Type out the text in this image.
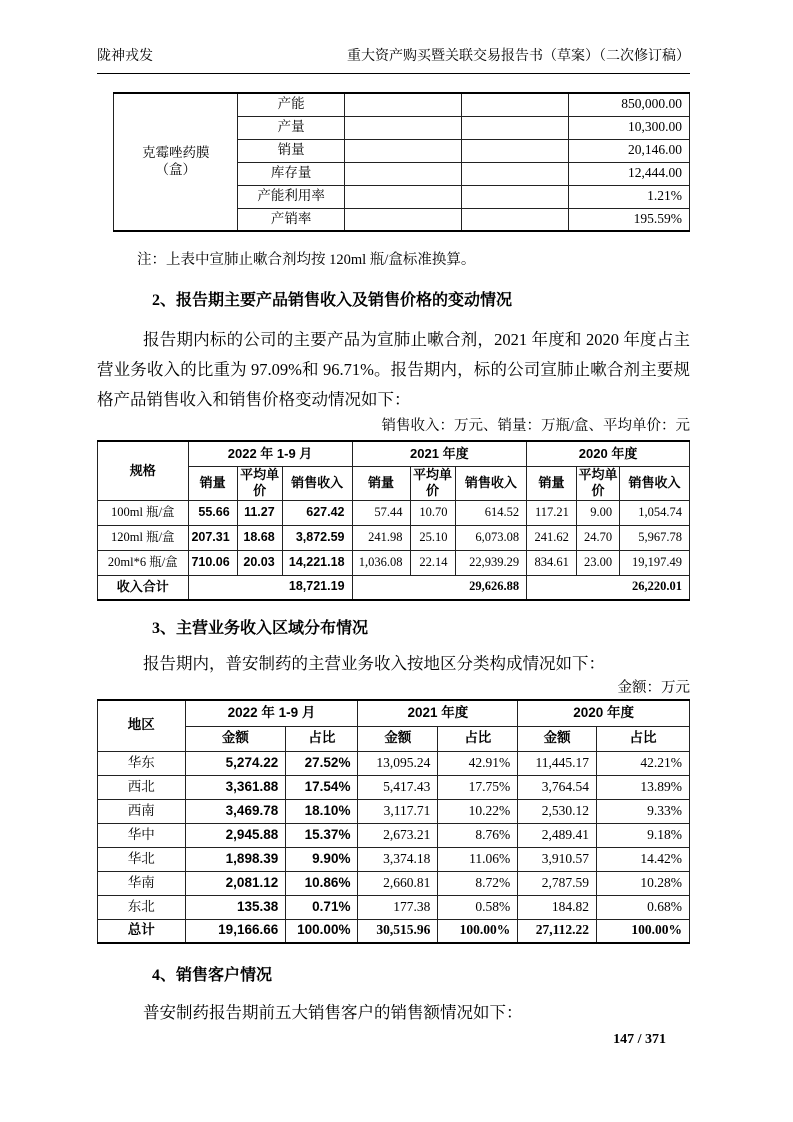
陇神戎发	重大资产购买暨关联交易报告书（草案）（二次修订稿）
克霉唑药膜
（盒）	产能			850,000.00
	产量			10,300.00
	销量			20,146.00
	库存量			12,444.00
	产能利用率			1.21%
	产销率			195.59%
注：上表中宣肺止嗽合剂均按 120ml 瓶/盒标准换算。
2、报告期主要产品销售收入及销售价格的变动情况
报告期内标的公司的主要产品为宣肺止嗽合剂，2021 年度和 2020 年度占主营业务收入的比重为 97.09%和 96.71%。报告期内，标的公司宣肺止嗽合剂主要规格产品销售收入和销售价格变动情况如下：
销售收入：万元、销量：万瓶/盒、平均单价：元
规格	2022 年 1-9 月			2021 年度			2020 年度		
	销量	平均单价	销售收入	销量	平均单价	销售收入	销量	平均单价	销售收入
100ml 瓶/盒	55.66	11.27	627.42	57.44	10.70	614.52	117.21	9.00	1,054.74
120ml 瓶/盒	207.31	18.68	3,872.59	241.98	25.10	6,073.08	241.62	24.70	5,967.78
20ml*6 瓶/盒	710.06	20.03	14,221.18	1,036.08	22.14	22,939.29	834.61	23.00	19,197.49
收入合计	18,721.19			29,626.88			26,220.01		
3、主营业务收入区域分布情况
报告期内，普安制药的主营业务收入按地区分类构成情况如下：
金额：万元
地区	2022 年 1-9 月		2021 年度		2020 年度	
	金额	占比	金额	占比	金额	占比
华东	5,274.22	27.52%	13,095.24	42.91%	11,445.17	42.21%
西北	3,361.88	17.54%	5,417.43	17.75%	3,764.54	13.89%
西南	3,469.78	18.10%	3,117.71	10.22%	2,530.12	9.33%
华中	2,945.88	15.37%	2,673.21	8.76%	2,489.41	9.18%
华北	1,898.39	9.90%	3,374.18	11.06%	3,910.57	14.42%
华南	2,081.12	10.86%	2,660.81	8.72%	2,787.59	10.28%
东北	135.38	0.71%	177.38	0.58%	184.82	0.68%
总计	19,166.66	100.00%	30,515.96	100.00%	27,112.22	100.00%
4、销售客户情况
普安制药报告期前五大销售客户的销售额情况如下：
147 / 371
